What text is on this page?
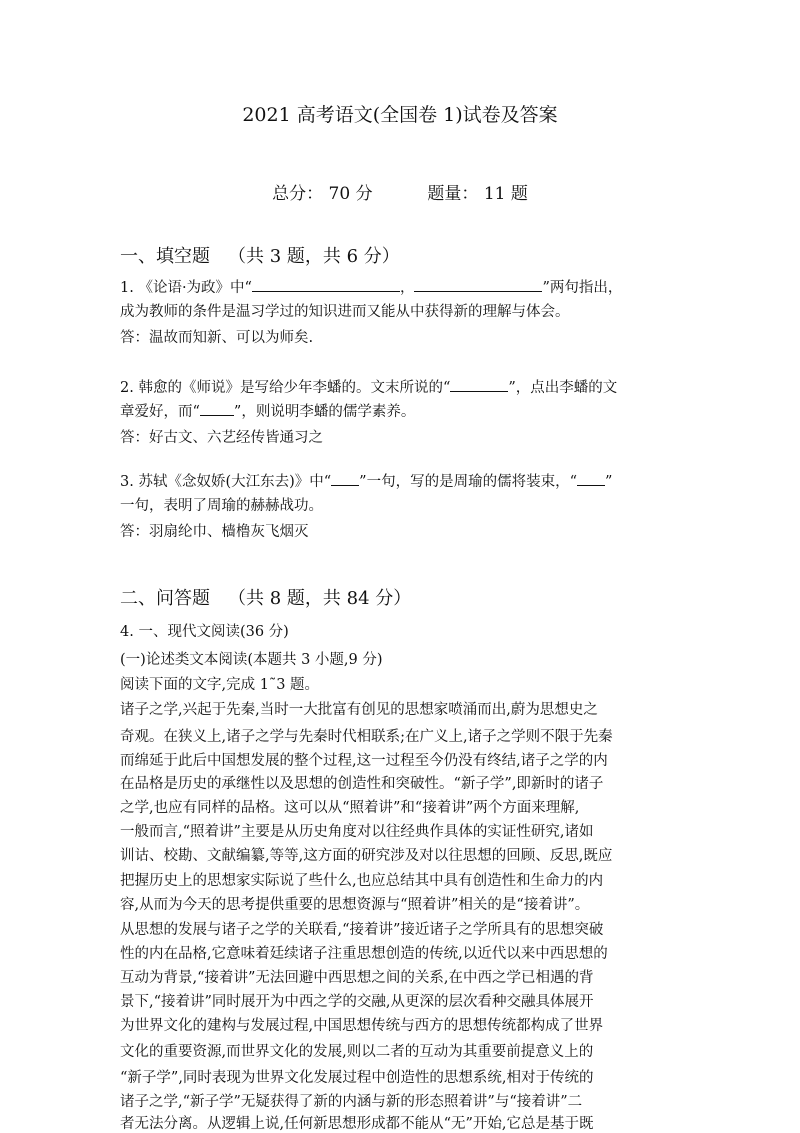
2021 高考语文(全国卷 1)试卷及答案
总分： 70 分	题量： 11 题
一、填空题 （共 3 题，共 6 分）
1. 《论语·为政》中“	，	”两句指出，
成为教师的条件是温习学过的知识进而又能从中获得新的理解与体会。
答：温故而知新、可以为师矣.
2. 韩愈的《师说》是写给少年李蟠的。文末所说的“	”，点出李蟠的文
章爱好，而“ ”，则说明李蟠的儒学素养。
答：好古文、六艺经传皆通习之
3. 苏轼《念奴娇(大江东去)》中“ ”一句，写的是周瑜的儒将装束，“ ”
一句，表明了周瑜的赫赫战功。
答：羽扇纶巾、樯橹灰飞烟灭
二、问答题 （共 8 题，共 84 分）
4. 一、现代文阅读(36 分)
(一)论述类文本阅读(本题共 3 小题,9 分)
阅读下面的文字,完成 1˜3 题。
诸子之学,兴起于先秦,当时一大批富有创见的思想家喷涌而出,蔚为思想史之
奇观。在狭义上,诸子之学与先秦时代相联系;在广义上,诸子之学则不限于先秦
而绵延于此后中国想发展的整个过程,这一过程至今仍没有终结,诸子之学的内
在品格是历史的承继性以及思想的创造性和突破性。“新子学”,即新时的诸子
之学,也应有同样的品格。这可以从“照着讲”和“接着讲”两个方面来理解,
一般而言,“照着讲”主要是从历史角度对以往经典作具体的实证性研究,诸如
训诂、校勘、文献编纂,等等,这方面的研究涉及对以往思想的回顾、反思,既应
把握历史上的思想家实际说了些什么,也应总结其中具有创造性和生命力的内
容,从而为今天的思考提供重要的思想资源与“照着讲”相关的是“接着讲”。
从思想的发展与诸子之学的关联看,“接着讲”接近诸子之学所具有的思想突破
性的内在品格,它意味着廷续诸子注重思想创造的传统,以近代以来中西思想的
互动为背景,“接着讲”无法回避中西思想之间的关系,在中西之学已相遇的背
景下,“接着讲”同时展开为中西之学的交融,从更深的层次看种交融具体展开
为世界文化的建构与发展过程,中国思想传统与西方的思想传统都构成了世界
文化的重要资源,而世界文化的发展,则以二者的互动为其重要前提意义上的
“新子学”,同时表现为世界文化发展过程中创造性的思想系统,相对于传统的
诸子之学,“新子学”无疑获得了新的内涵与新的形态照着讲”与“接着讲”二
者无法分离。从逻辑上说,任何新思想形成都不能从“无”开始,它总是基于既
